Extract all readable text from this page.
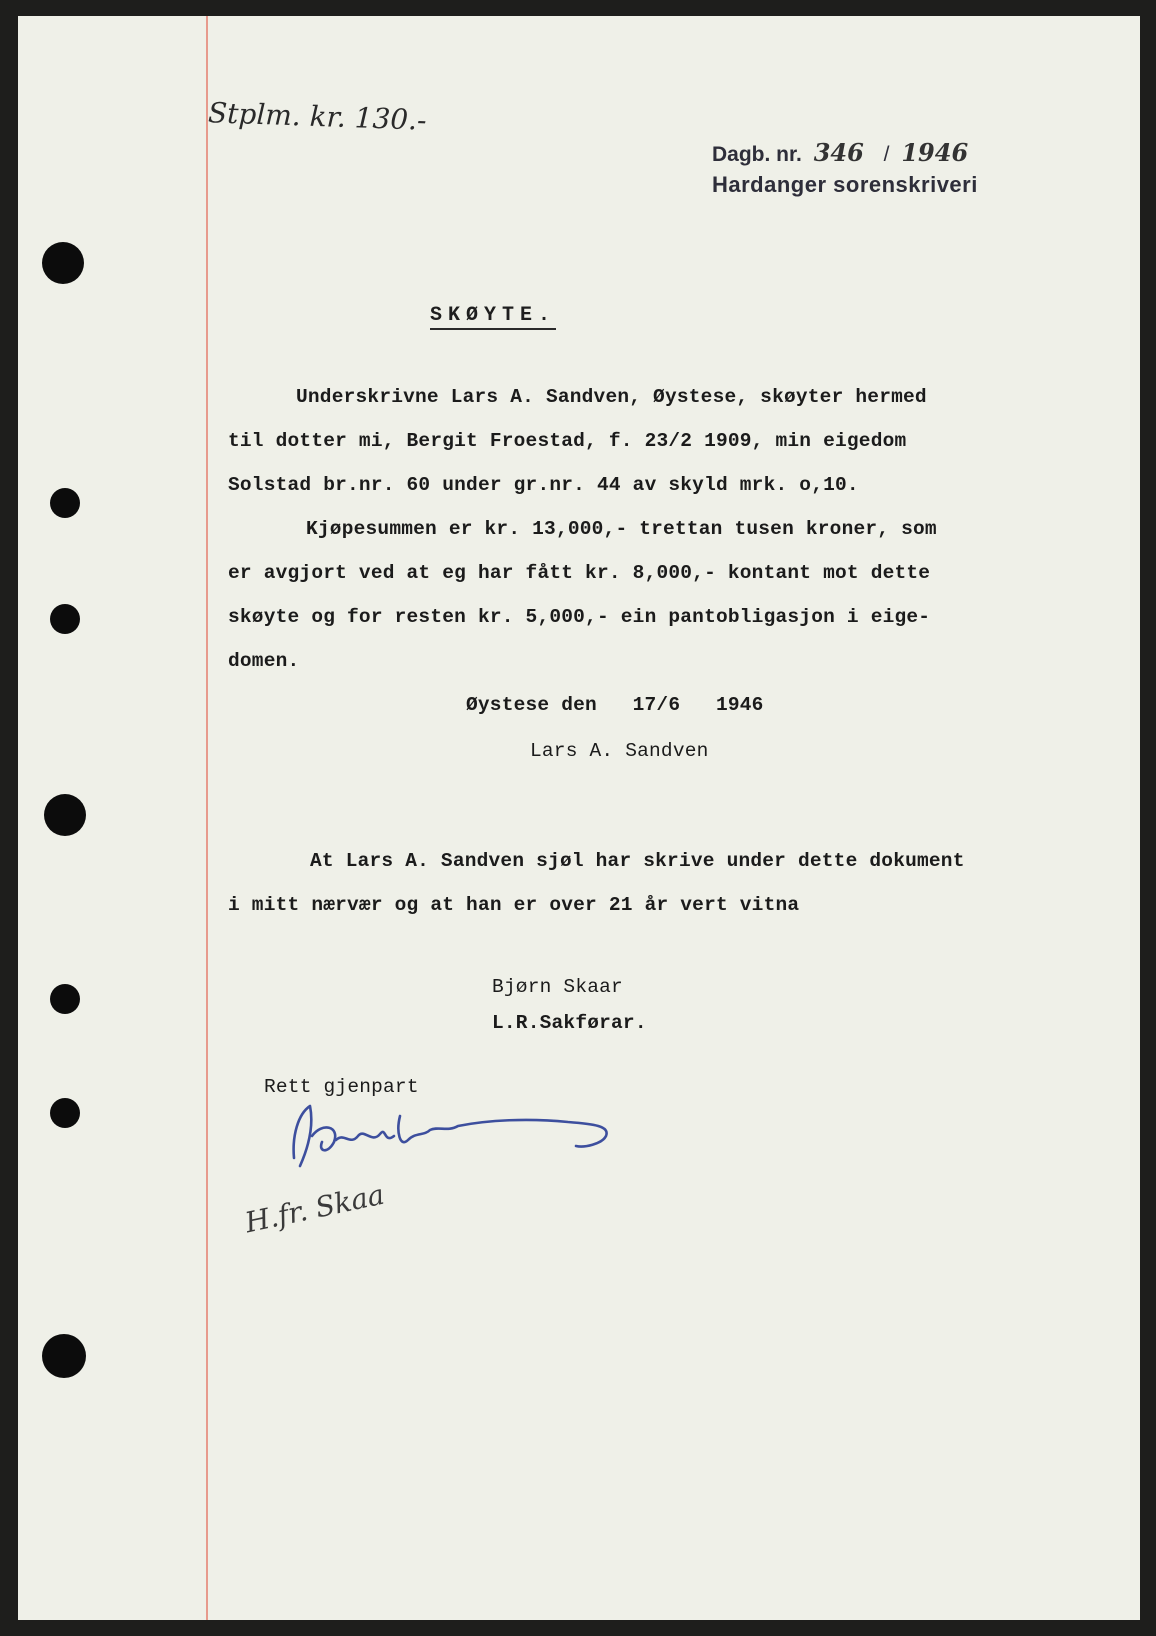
Stplm. kr. 130.-
Dagb. nr. 346 / 1946
Hardanger sorenskriveri
SKØYTE.
Underskrivne Lars A. Sandven, Øystese, skøyter hermed
til dotter mi, Bergit Froestad, f. 23/2 1909, min eigedom
Solstad br.nr. 60 under gr.nr. 44 av skyld mrk. o,10.
Kjøpesummen er kr. 13,000,- trettan tusen kroner, som
er avgjort ved at eg har fått kr. 8,000,- kontant mot dette
skøyte og for resten kr. 5,000,- ein pantobligasjon i eige-
domen.
Øystese den   17/6   1946
Lars A. Sandven
At Lars A. Sandven sjøl har skrive under dette dokument
i mitt nærvær og at han er over 21 år vert vitna
Bjørn Skaar
L.R.Sakførar.
Rett gjenpart
H.fr. Skaa
